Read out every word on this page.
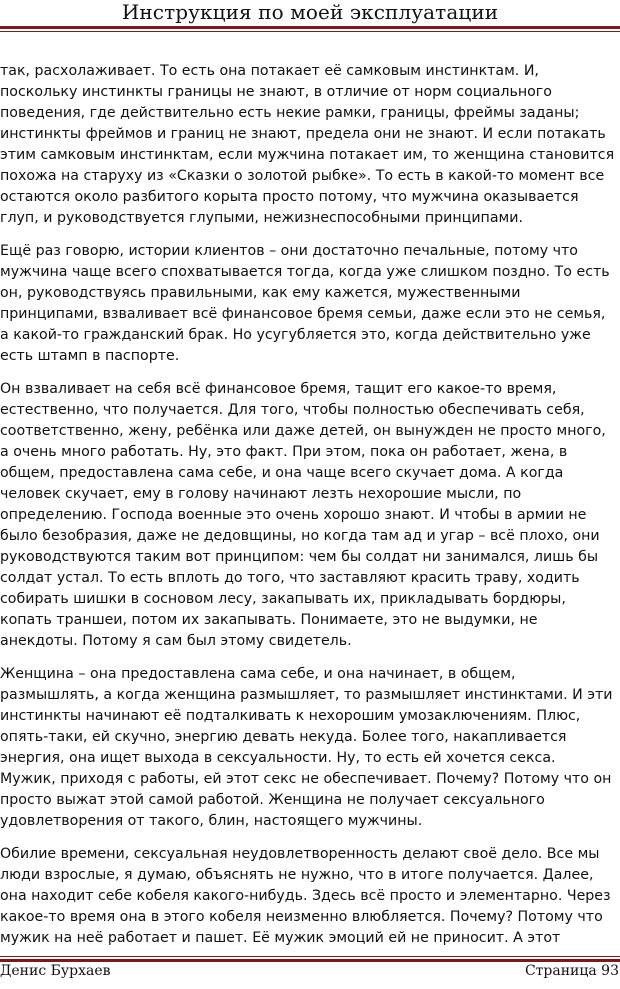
Инструкция по моей эксплуатации

так, расхолаживает. То есть она потакает её самковым инстинктам. И,
поскольку инстинкты границы не знают, в отличие от норм социального
поведения, где действительно есть некие рамки, границы, фреймы заданы;
инстинкты фреймов и границ не знают, предела они не знают. И если потакать
этим самковым инстинктам, если мужчина потакает им, то женщина становится
похожа на старуху из «Сказки о золотой рыбке». То есть в какой-то момент все
остаются около разбитого корыта просто потому, что мужчина оказывается
глуп, и руководствуется глупыми, нежизнеспособными принципами.

Ещё раз говорю, истории клиентов – они достаточно печальные, потому что
мужчина чаще всего спохватывается тогда, когда уже слишком поздно. То есть
он, руководствуясь правильными, как ему кажется, мужественными
принципами, взваливает всё финансовое бремя семьи, даже если это не семья,
а какой-то гражданский брак. Но усугубляется это, когда действительно уже
есть штамп в паспорте.

Он взваливает на себя всё финансовое бремя, тащит его какое-то время,
естественно, что получается. Для того, чтобы полностью обеспечивать себя,
соответственно, жену, ребёнка или даже детей, он вынужден не просто много,
а очень много работать. Ну, это факт. При этом, пока он работает, жена, в
общем, предоставлена сама себе, и она чаще всего скучает дома. А когда
человек скучает, ему в голову начинают лезть нехорошие мысли, по
определению. Господа военные это очень хорошо знают. И чтобы в армии не
было безобразия, даже не дедовщины, но когда там ад и угар – всё плохо, они
руководствуются таким вот принципом: чем бы солдат ни занимался, лишь бы
солдат устал. То есть вплоть до того, что заставляют красить траву, ходить
собирать шишки в сосновом лесу, закапывать их, прикладывать бордюры,
копать траншеи, потом их закапывать. Понимаете, это не выдумки, не
анекдоты. Потому я сам был этому свидетель.

Женщина – она предоставлена сама себе, и она начинает, в общем,
размышлять, а когда женщина размышляет, то размышляет инстинктами. И эти
инстинкты начинают её подталкивать к нехорошим умозаключениям. Плюс,
опять-таки, ей скучно, энергию девать некуда. Более того, накапливается
энергия, она ищет выхода в сексуальности. Ну, то есть ей хочется секса.
Мужик, приходя с работы, ей этот секс не обеспечивает. Почему? Потому что он
просто выжат этой самой работой. Женщина не получает сексуального
удовлетворения от такого, блин, настоящего мужчины.

Обилие времени, сексуальная неудовлетворенность делают своё дело. Все мы
люди взрослые, я думаю, объяснять не нужно, что в итоге получается. Далее,
она находит себе кобеля какого-нибудь. Здесь всё просто и элементарно. Через
какое-то время она в этого кобеля неизменно влюбляется. Почему? Потому что
мужик на неё работает и пашет. Её мужик эмоций ей не приносит. А этот

Денис Бурхаев	Страница 93
